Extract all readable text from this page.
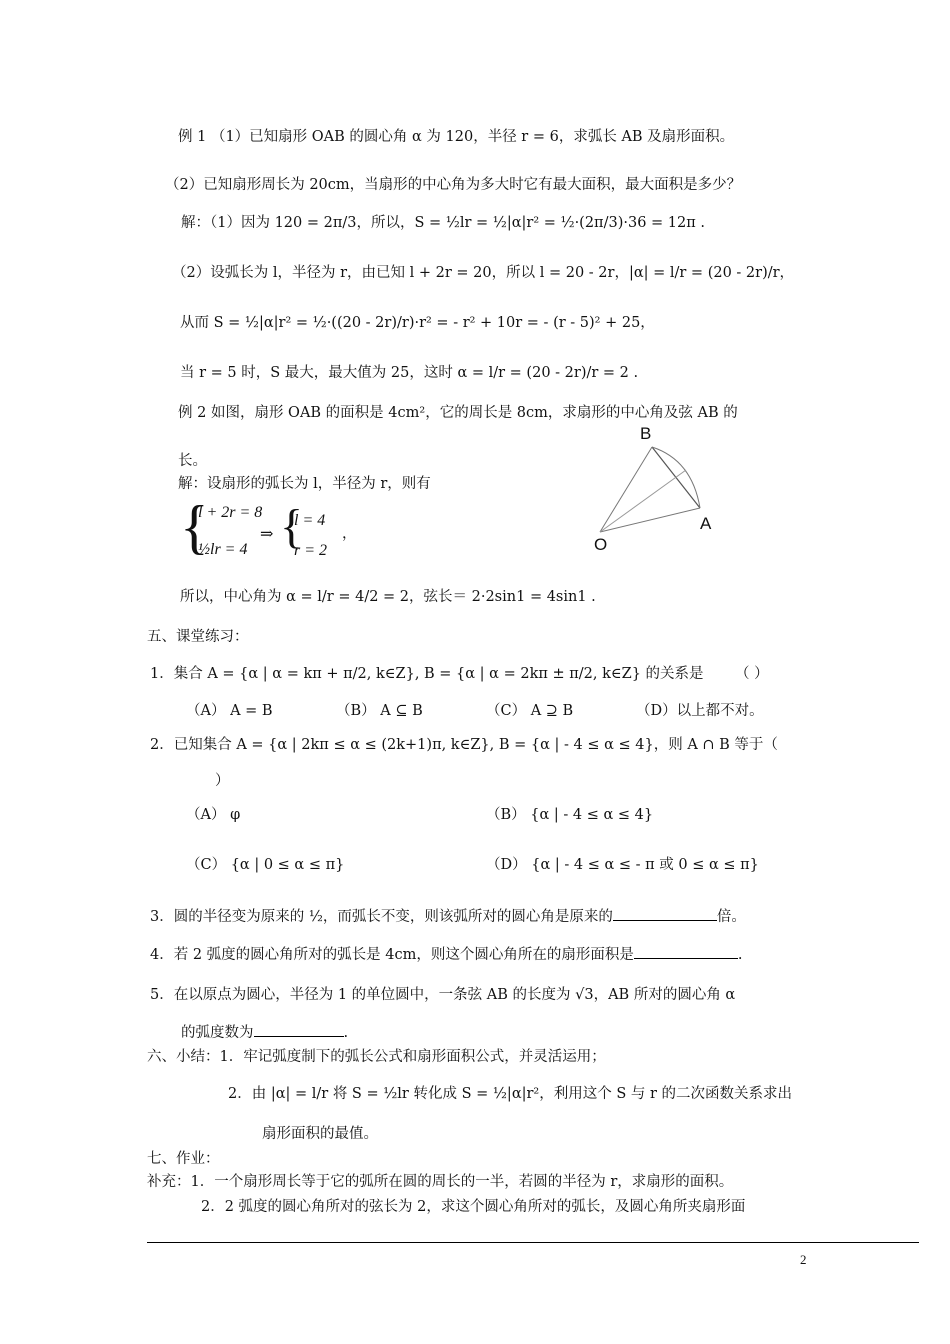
例 1 （1）已知扇形 OAB 的圆心角 α 为 120，半径 r = 6，求弧长 AB 及扇形面积。
（2）已知扇形周长为 20cm，当扇形的中心角为多大时它有最大面积，最大面积是多少？
解：（1）因为 120 = 2π/3，所以，S = ½lr = ½|α|r² = ½·(2π/3)·36 = 12π .
（2）设弧长为 l，半径为 r，由已知 l + 2r = 20，所以 l = 20 - 2r，|α| = l/r = (20 - 2r)/r，
从而 S = ½|α|r² = ½·((20 - 2r)/r)·r² = - r² + 10r = - (r - 5)² + 25，
当 r = 5 时，S 最大，最大值为 25，这时 α = l/r = (20 - 2r)/r = 2 .
例 2 如图，扇形 OAB 的面积是 4cm²，它的周长是 8cm，求扇形的中心角及弦 AB 的
长。
解：设扇形的弧长为 l，半径为 r，则有
{
l + 2r = 8
½lr = 4
⇒ {
l = 4
r = 2
，
所以，中心角为 α = l/r = 4/2 = 2，弦长＝ 2·2sin1 = 4sin1 .
B
A
O
五、课堂练习：
1．集合 A = {α | α = kπ + π/2, k∈Z}, B = {α | α = 2kπ ± π/2, k∈Z} 的关系是 （ ）
（A） A = B	（B） A ⊆ B	（C） A ⊇ B	（D）以上都不对。
2．已知集合 A = {α | 2kπ ≤ α ≤ (2k+1)π, k∈Z}, B = {α | - 4 ≤ α ≤ 4}，则 A ∩ B 等于（
）
（A） φ	（B） {α | - 4 ≤ α ≤ 4}
（C） {α | 0 ≤ α ≤ π}	（D） {α | - 4 ≤ α ≤ - π 或 0 ≤ α ≤ π}
3．圆的半径变为原来的 ½，而弧长不变，则该弧所对的圆心角是原来的	倍。
4．若 2 弧度的圆心角所对的弧长是 4cm，则这个圆心角所在的扇形面积是	.
5．在以原点为圆心，半径为 1 的单位圆中，一条弦 AB 的长度为 √3，AB 所对的圆心角 α
的弧度数为	.
六、小结：1．牢记弧度制下的弧长公式和扇形面积公式，并灵活运用；
2．由 |α| = l/r 将 S = ½lr 转化成 S = ½|α|r²，利用这个 S 与 r 的二次函数关系求出
扇形面积的最值。
七、作业：
补充：1．一个扇形周长等于它的弧所在圆的周长的一半，若圆的半径为 r，求扇形的面积。
2．2 弧度的圆心角所对的弦长为 2，求这个圆心角所对的弧长，及圆心角所夹扇形面
2
